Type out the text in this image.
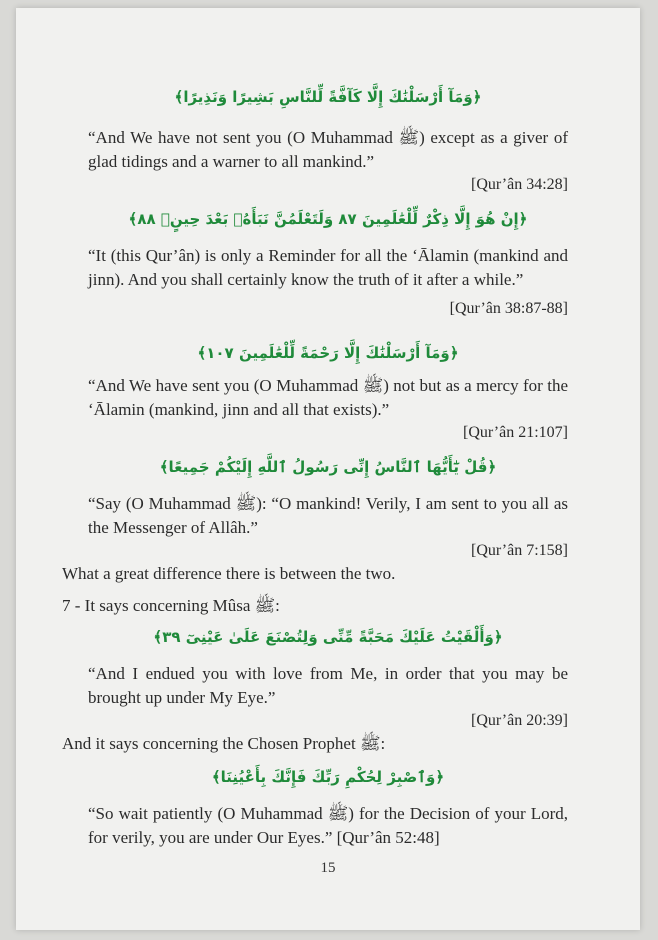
﴿وَمَآ أَرْسَلْنَٰكَ إِلَّا كَآفَّةً لِّلنَّاسِ بَشِيرًا وَنَذِيرًا﴾
“And We have not sent you (O Muhammad ﷺ) except as a giver of glad tidings and a warner to all mankind.”
[Qur’ân 34:28]
﴿إِنْ هُوَ إِلَّا ذِكْرٌ لِّلْعَٰلَمِينَ ٨٧ وَلَتَعْلَمُنَّ نَبَأَهُۥ بَعْدَ حِينٍۭ ٨٨﴾
“It (this Qur’ân) is only a Reminder for all the ‘Ālamin (mankind and jinn). And you shall certainly know the truth of it after a while.”
[Qur’ân 38:87-88]
﴿وَمَآ أَرْسَلْنَٰكَ إِلَّا رَحْمَةً لِّلْعَٰلَمِينَ ١٠٧﴾
“And We have sent you (O Muhammad ﷺ) not but as a mercy for the ‘Ālamin (mankind, jinn and all that exists).”
[Qur’ân 21:107]
﴿قُلْ يَٰٓأَيُّهَا ٱلنَّاسُ إِنِّى رَسُولُ ٱللَّهِ إِلَيْكُمْ جَمِيعًا﴾
“Say (O Muhammad ﷺ): “O mankind! Verily, I am sent to you all as the Messenger of Allâh.”
[Qur’ân 7:158]
What a great difference there is between the two.
7 - It says concerning Mûsa ﷺ:
﴿وَأَلْقَيْتُ عَلَيْكَ مَحَبَّةً مِّنِّى وَلِتُصْنَعَ عَلَىٰ عَيْنِىٓ ٣٩﴾
“And I endued you with love from Me, in order that you may be brought up under My Eye.”
[Qur’ân 20:39]
And it says concerning the Chosen Prophet ﷺ:
﴿وَٱصْبِرْ لِحُكْمِ رَبِّكَ فَإِنَّكَ بِأَعْيُنِنَا﴾
“So wait patiently (O Muhammad ﷺ) for the Decision of your Lord, for verily, you are under Our Eyes.” [Qur’ân 52:48]
15
